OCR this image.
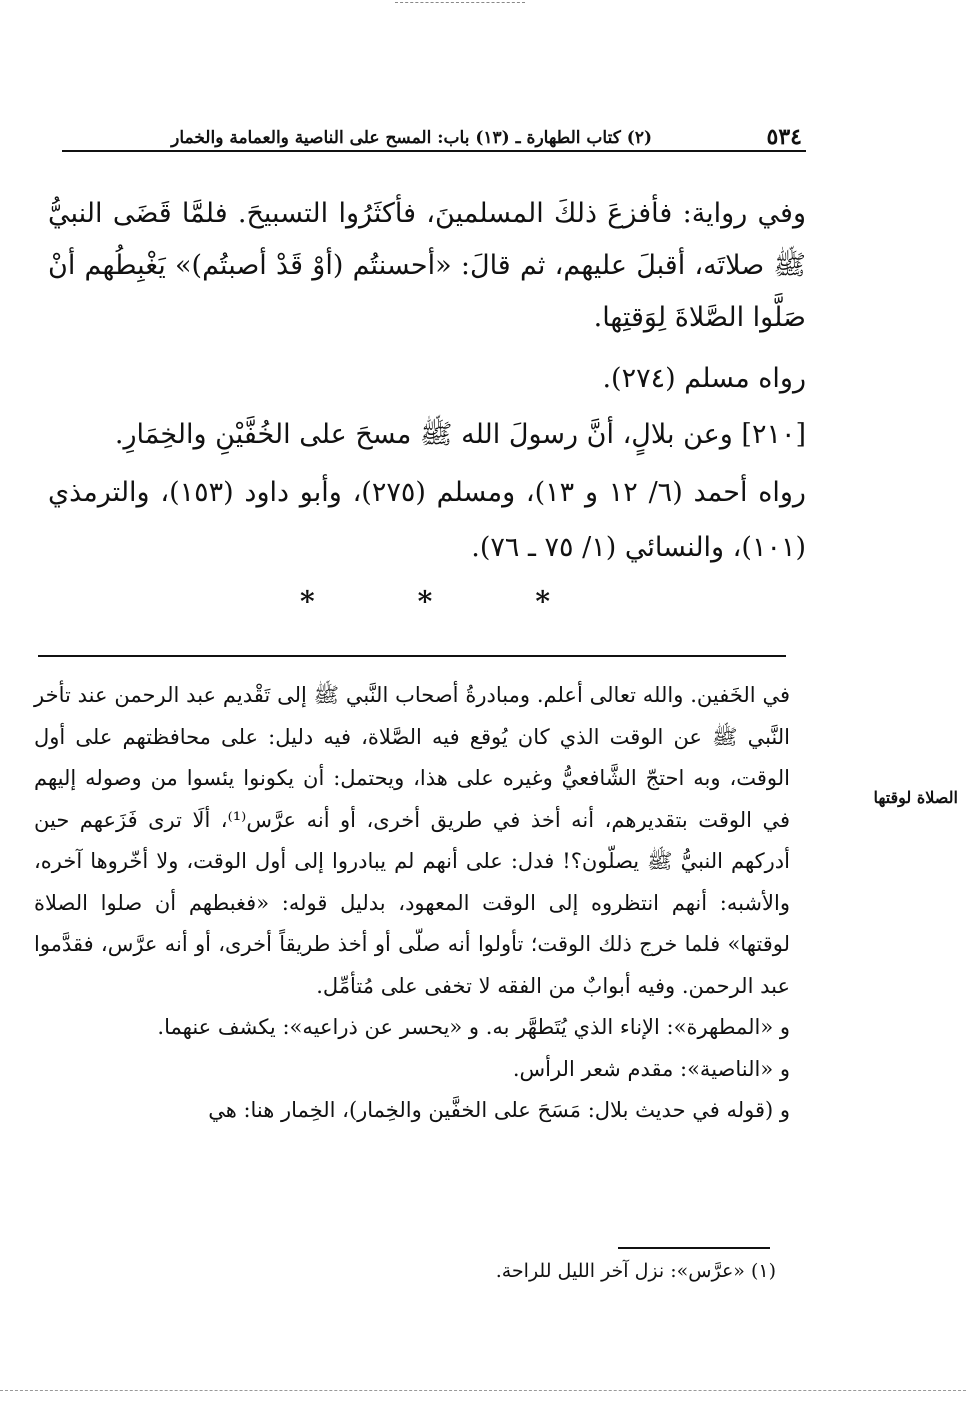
٥٣٤
(٢) كتاب الطهارة ـ (١٣) باب: المسح على الناصية والعمامة والخمار
وفي رواية: فأفزعَ ذلكَ المسلمينَ، فأكثَرُوا التسبيحَ. فلمَّا قَضَى النبيُّ ﷺ صلاتَه، أقبلَ عليهم، ثم قالَ: «أحسنتُم (أوْ قَدْ أصبتُم)» يَغْبِطُهم أنْ صَلَّوا الصَّلاةَ لِوَقتِها.
رواه مسلم (٢٧٤).
[٢١٠] وعن بلالٍ، أنَّ رسولَ الله ﷺ مسحَ على الخُفَّيْنِ والخِمَارِ.
رواه أحمد (٦/ ١٢ و ١٣)، ومسلم (٢٧٥)، وأبو داود (١٥٣)، والترمذي (١٠١)، والنسائي (١/ ٧٥ ـ ٧٦).
*	*	*
الصلاة لوقتها

في الخَفين. والله تعالى أعلم. ومبادرةُ أصحاب النَّبي ﷺ إلى تَقْديم عبد الرحمن عند تأخر النَّبي ﷺ عن الوقت الذي كان يُوقع فيه الصَّلاة، فيه دليل: على محافظتهم على أول الوقت، وبه احتجّ الشَّافعيُّ وغيره على هذا، ويحتمل: أن يكونوا يئسوا من وصوله إليهم في الوقت بتقديرهم، أنه أخذ في طريق أخرى، أو أنه عرَّس⁽¹⁾، ألَا ترى فَزَعهم حين أدركهم النبيُّ ﷺ يصلّون؟! فدل: على أنهم لم يبادروا إلى أول الوقت، ولا أخّروها آخره، والأشبه: أنهم انتظروه إلى الوقت المعهود، بدليل قوله: «فغبطهم أن صلوا الصلاة لوقتها» فلما خرج ذلك الوقت؛ تأولوا أنه صلّى أو أخذ طريقاً أخرى، أو أنه عرَّس، فقدَّموا عبد الرحمن. وفيه أبوابٌ من الفقه لا تخفى على مُتأمِّل.

و «المطهرة»: الإناء الذي يُتَطهَّر به. و «يحسر عن ذراعيه»: يكشف عنهما.

و «الناصية»: مقدم شعر الرأس.

و (قوله في حديث بلال: مَسَحَ على الخفَّين والخِمار)، الخِمار هنا: هي

(١) «عرَّس»: نزل آخر الليل للراحة.
